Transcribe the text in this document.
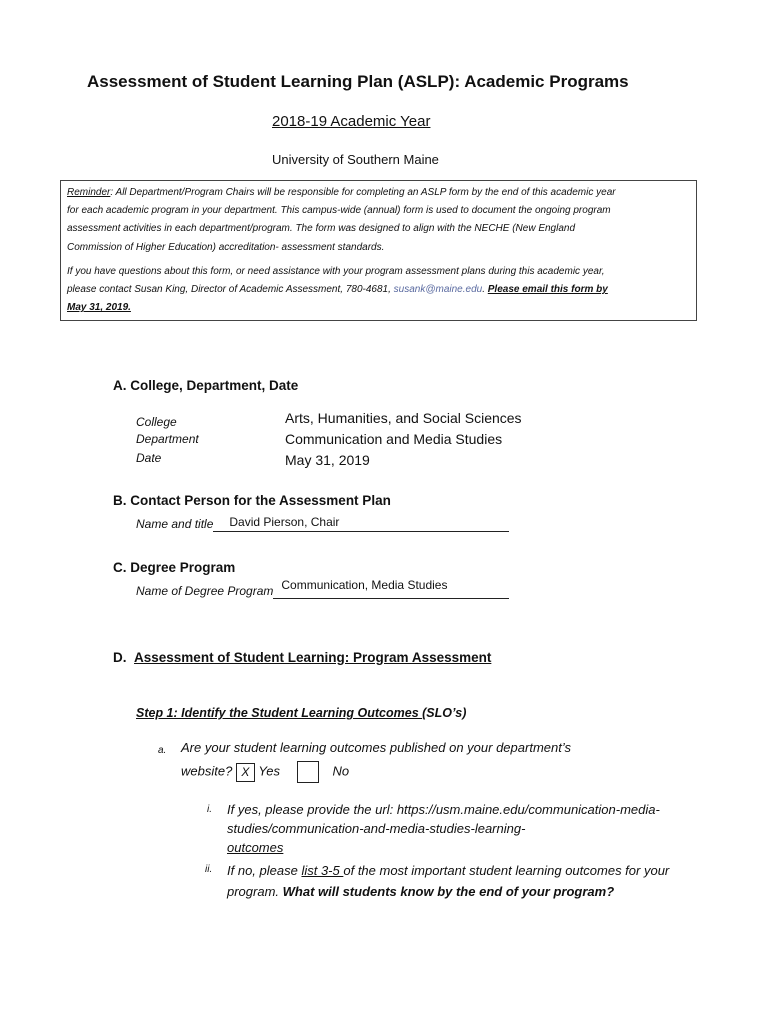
Assessment of Student Learning Plan (ASLP): Academic Programs
2018-19 Academic Year
University of Southern Maine

Reminder: All Department/Program Chairs will be responsible for completing an ASLP form by the end of this academic year
for each academic program in your department. This campus-wide (annual) form is used to document the ongoing program
assessment activities in each department/program. The form was designed to align with the NECHE (New England
Commission of Higher Education) accreditation- assessment standards.

If you have questions about this form, or need assistance with your program assessment plans during this academic year,
please contact Susan King, Director of Academic Assessment, 780-4681, susank@maine.edu. Please email this form by
May 31, 2019.

A. College, Department, Date
College
Department
Date
Arts, Humanities, and Social Sciences
Communication and Media Studies
May 31, 2019
B. Contact Person for the Assessment Plan
Name and title David Pierson, Chair
C. Degree Program
Name of Degree Program Communication, Media Studies
D. Assessment of Student Learning: Program Assessment
Step 1: Identify the Student Learning Outcomes (SLO’s)
a. Are your student learning outcomes published on your department’s
website? X Yes	No
i. If yes, please provide the url: https://usm.maine.edu/communication-media-
studies/communication-and-media-studies-learning-
outcomes
ii. If no, please list 3-5 of the most important student learning outcomes for your
program. What will students know by the end of your program?
